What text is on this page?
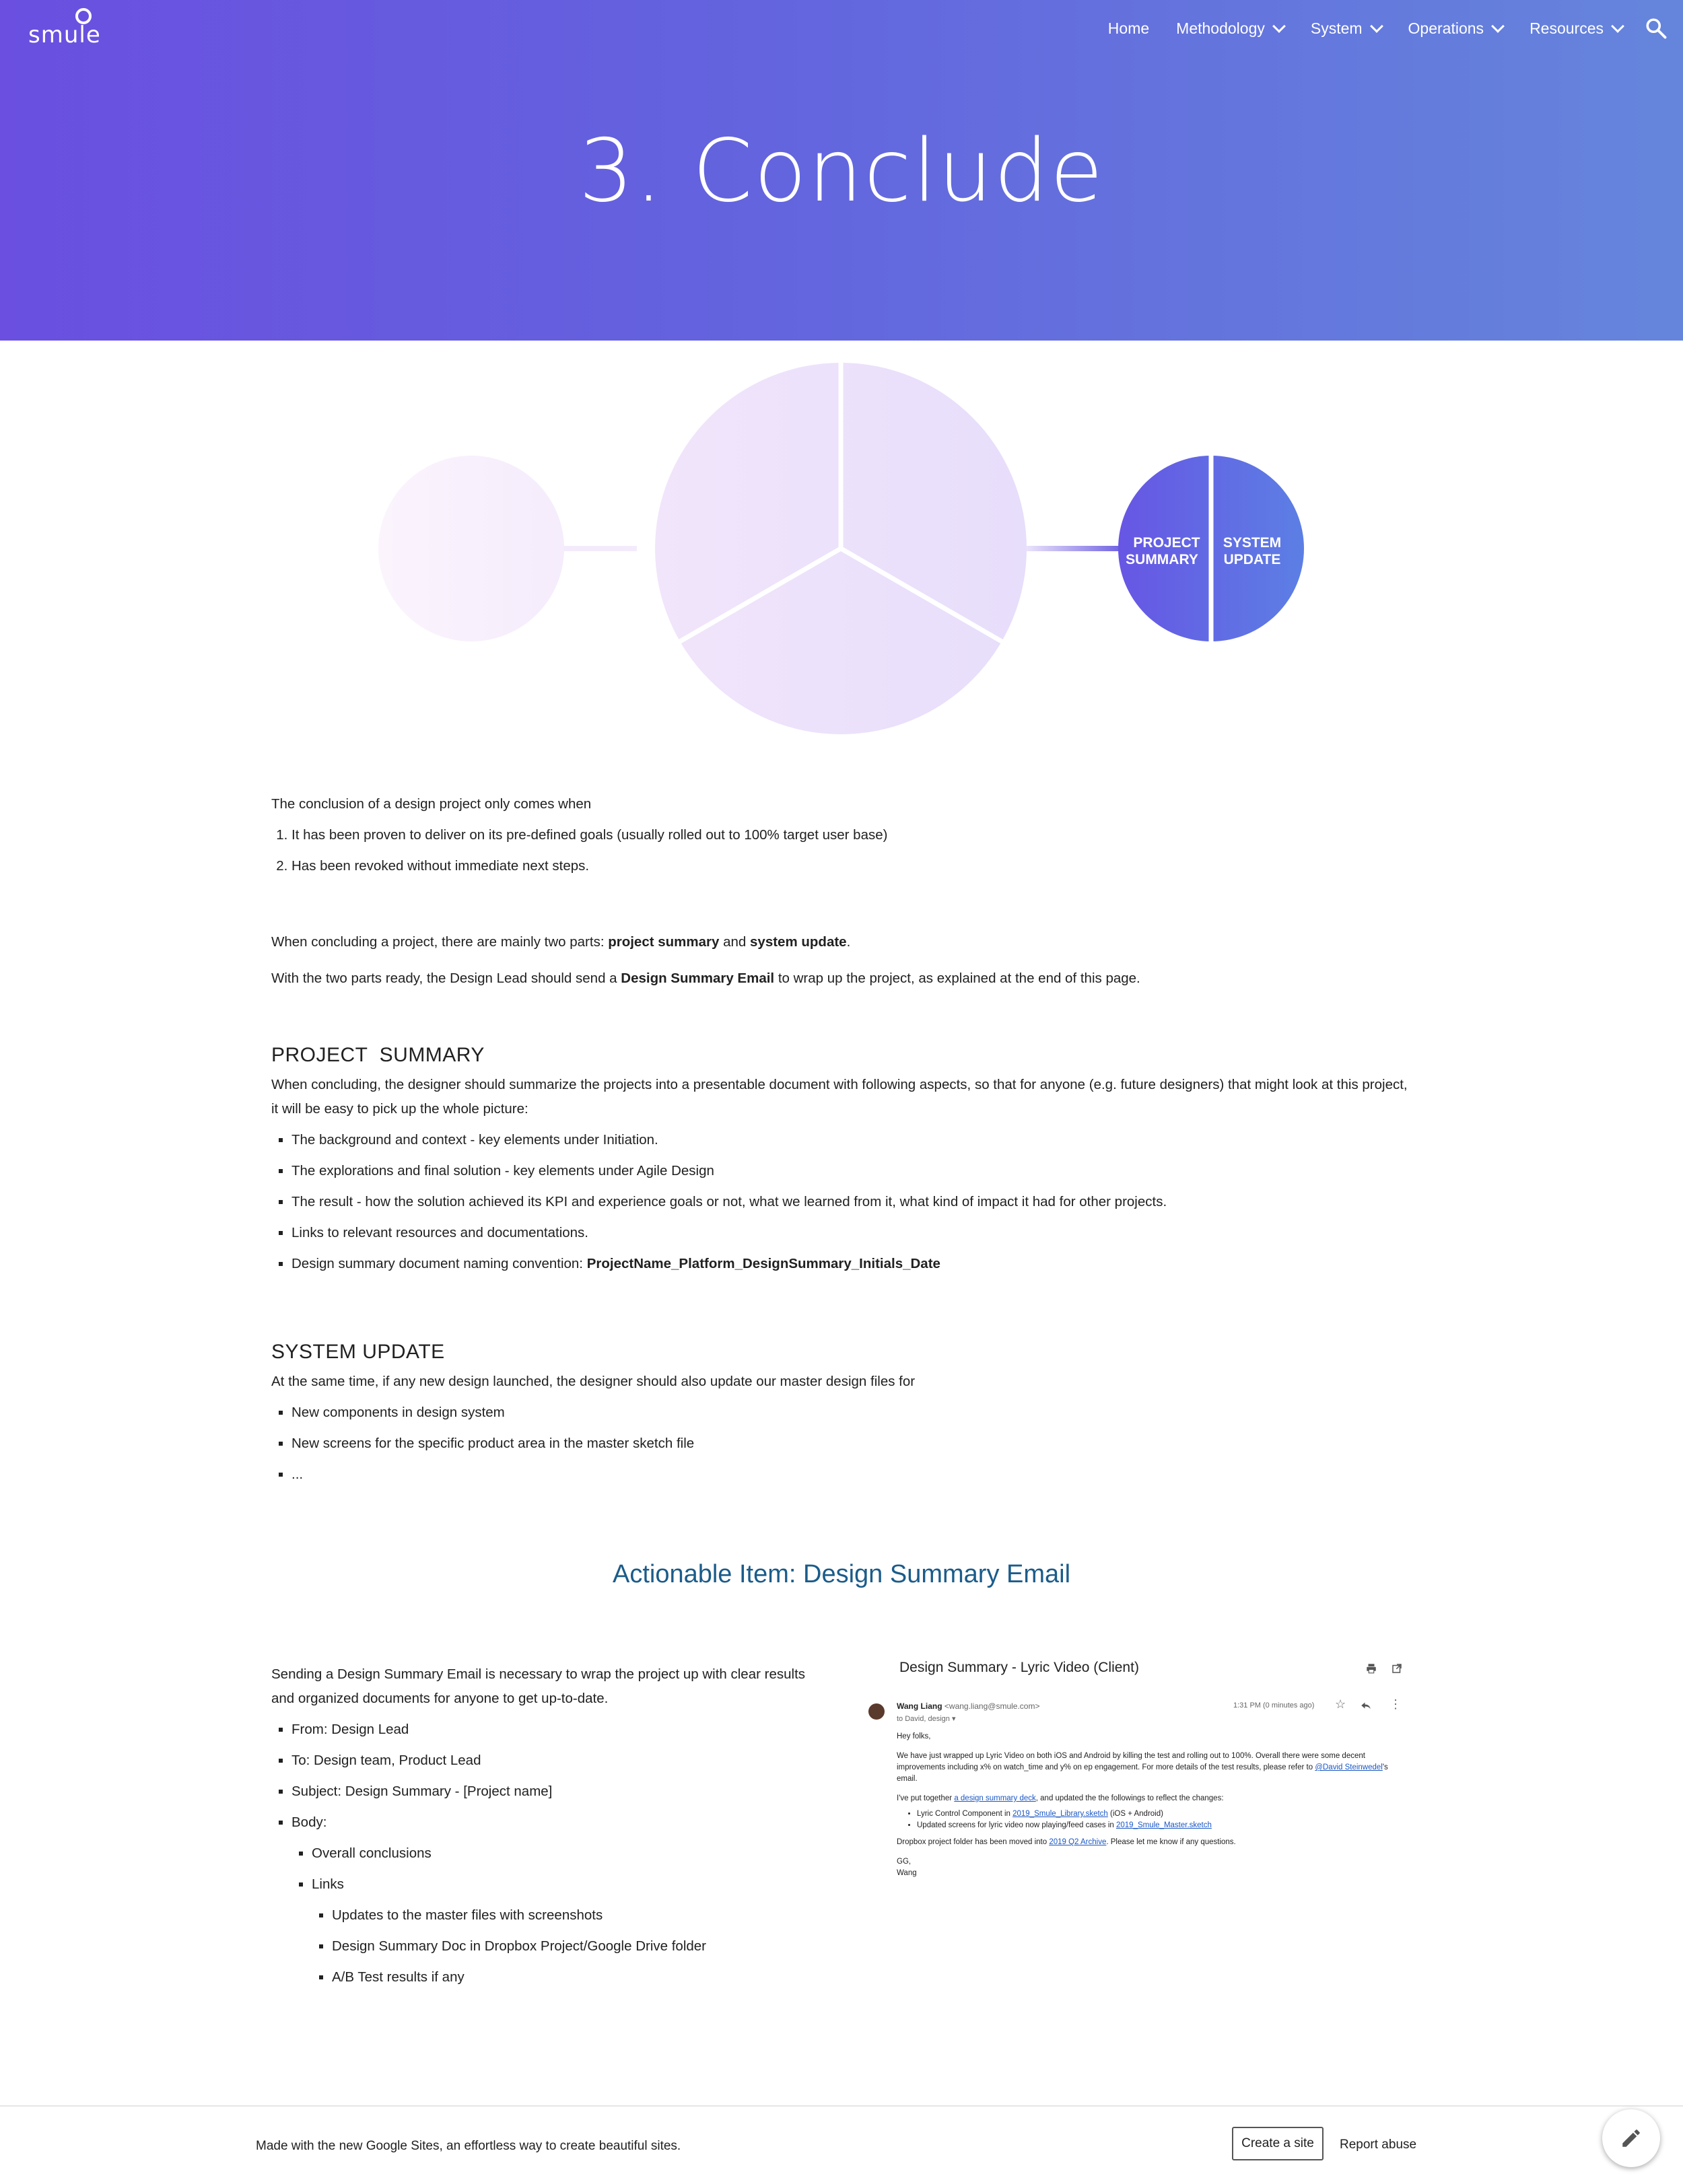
smule	Home Methodology	System	Operations	Resources
3. Conclude
PROJECT
SUMMARY
SYSTEM
UPDATE

The conclusion of a design project only comes when

1. It has been proven to deliver on its pre-defined goals (usually rolled out to 100% target user base)
2. Has been revoked without immediate next steps.

When concluding a project, there are mainly two parts: project summary and system update.

With the two parts ready, the Design Lead should send a Design Summary Email to wrap up the project, as explained at the end of this page.

PROJECT  SUMMARY

When concluding, the designer should summarize the projects into a presentable document with following aspects, so that for anyone (e.g. future designers) that might look at this project, it will be easy to pick up the whole picture:

▪ The background and context - key elements under Initiation.
▪ The explorations and final solution - key elements under Agile Design
▪ The result - how the solution achieved its KPI and experience goals or not, what we learned from it, what kind of impact it had for other projects.
▪ Links to relevant resources and documentations.
▪ Design summary document naming convention: ProjectName_Platform_DesignSummary_Initials_Date
SYSTEM UPDATE

At the same time, if any new design launched, the designer should also update our master design files for

▪ New components in design system
▪ New screens for the specific product area in the master sketch file
▪ ...
Actionable Item: Design Summary Email

Sending a Design Summary Email is necessary to wrap the project up with clear results and organized documents for anyone to get up-to-date.

▪ From: Design Lead
▪ To: Design team, Product Lead
▪ Subject: Design Summary - [Project name]
▪ Body:
▪ Overall conclusions
▪ Links
▪ Updates to the master files with screenshots
▪ Design Summary Doc in Dropbox Project/Google Drive folder
▪ A/B Test results if any
Design Summary - Lyric Video (Client)
Wang Liang <wang.liang@smule.com>
to David, design ▾
1:31 PM (0 minutes ago) ☆	⋮

Hey folks,

We have just wrapped up Lyric Video on both iOS and Android by killing the test and rolling out to 100%. Overall there were some decent improvements including x% on watch_time and y% on ep engagement. For more details of the test results, please refer to @David Steinwedel's email.

I've put together a design summary deck, and updated the the followings to reflect the changes:

• Lyric Control Component in 2019_Smule_Library.sketch (iOS + Android)
• Updated screens for lyric video now playing/feed cases in 2019_Smule_Master.sketch

Dropbox project folder has been moved into 2019 Q2 Archive. Please let me know if any questions.

GG,
Wang
Made with the new Google Sites, an effortless way to create beautiful sites.	Create a site	Report abuse
